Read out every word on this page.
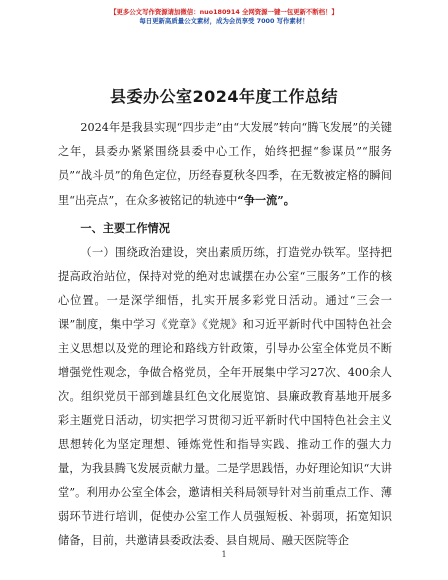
【更多公文写作资源请加微信：nuo180914 全网资源一键一包更新不断档！】
每日更新高质量公文素材，成为会员享受 7000 写作素材！
县委办公室2024年度工作总结

2024年是我县实现“四步走”由“大发展”转向“腾飞发展”的关键之年，县委办紧紧围绕县委中心工作，始终把握“参谋员”“服务员”“战斗员”的角色定位，历经春夏秋冬四季，在无数被定格的瞬间里“出亮点”，在众多被铭记的轨迹中“争一流”。

一、主要工作情况

（一）围绕政治建设，突出素质历练，打造党办铁军。坚持把提高政治站位，保持对党的绝对忠诚摆在办公室“三服务”工作的核心位置。一是深学细悟，扎实开展多彩党日活动。通过“三会一课”制度，集中学习《党章》《党规》和习近平新时代中国特色社会主义思想以及党的理论和路线方针政策，引导办公室全体党员不断增强党性观念，争做合格党员，全年开展集中学习27次、400余人次。组织党员干部到雄县红色文化展览馆、县廉政教育基地开展多彩主题党日活动，切实把学习贯彻习近平新时代中国特色社会主义思想转化为坚定理想、锤炼党性和指导实践、推动工作的强大力量，为我县腾飞发展贡献力量。二是学思践悟，办好理论知识“大讲堂”。利用办公室全体会，邀请相关科局领导针对当前重点工作、薄弱环节进行培训，促使办公室工作人员强短板、补弱项，拓宽知识储备，目前，共邀请县委政法委、县自规局、融天医院等企

1
